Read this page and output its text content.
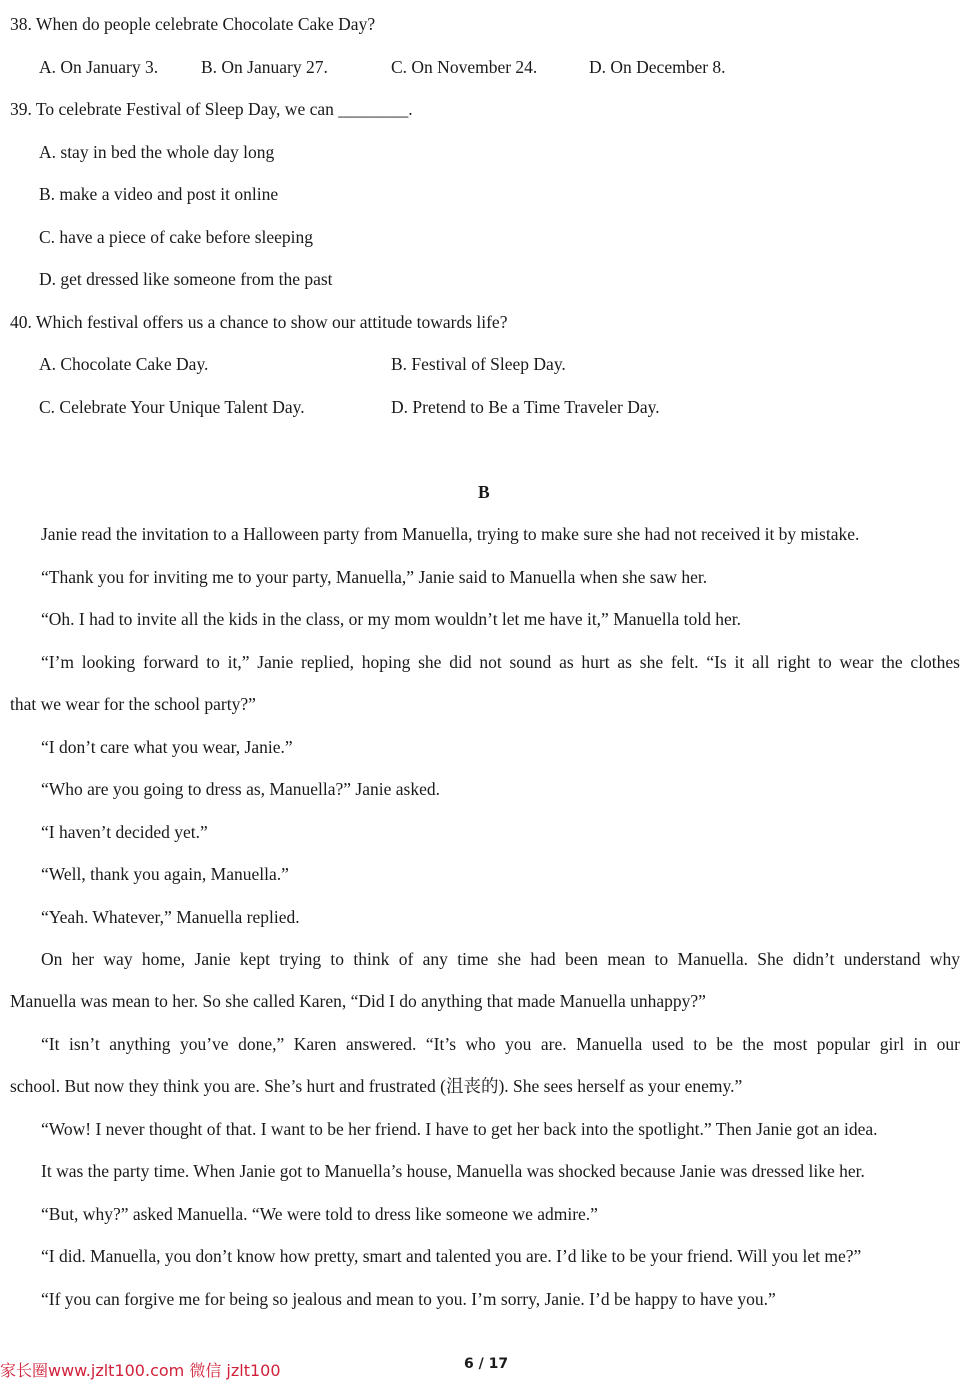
38. When do people celebrate Chocolate Cake Day?
A. On January 3. B. On January 27.	C. On November 24.	D. On December 8.
39. To celebrate Festival of Sleep Day, we can ________.
A. stay in bed the whole day long
B. make a video and post it online
C. have a piece of cake before sleeping
D. get dressed like someone from the past
40. Which festival offers us a chance to show our attitude towards life?
A. Chocolate Cake Day.	B. Festival of Sleep Day.
C. Celebrate Your Unique Talent Day.	D. Pretend to Be a Time Traveler Day.
B
Janie read the invitation to a Halloween party from Manuella, trying to make sure she had not received it by mistake.
“Thank you for inviting me to your party, Manuella,” Janie said to Manuella when she saw her.
“Oh. I had to invite all the kids in the class, or my mom wouldn’t let me have it,” Manuella told her.
“I’m looking forward to it,” Janie replied, hoping she did not sound as hurt as she felt. “Is it all right to wear the clothes
that we wear for the school party?”
“I don’t care what you wear, Janie.”
“Who are you going to dress as, Manuella?” Janie asked.
“I haven’t decided yet.”
“Well, thank you again, Manuella.”
“Yeah. Whatever,” Manuella replied.
On her way home, Janie kept trying to think of any time she had been mean to Manuella. She didn’t understand why
Manuella was mean to her. So she called Karen, “Did I do anything that made Manuella unhappy?”
“It isn’t anything you’ve done,” Karen answered. “It’s who you are. Manuella used to be the most popular girl in our
school. But now they think you are. She’s hurt and frustrated (沮丧的). She sees herself as your enemy.”
“Wow! I never thought of that. I want to be her friend. I have to get her back into the spotlight.” Then Janie got an idea.
It was the party time. When Janie got to Manuella’s house, Manuella was shocked because Janie was dressed like her.
“But, why?” asked Manuella. “We were told to dress like someone we admire.”
“I did. Manuella, you don’t know how pretty, smart and talented you are. I’d like to be your friend. Will you let me?”
“If you can forgive me for being so jealous and mean to you. I’m sorry, Janie. I’d be happy to have you.”
家长圈www.jzlt100.com 微信 jzlt100	6 / 17
